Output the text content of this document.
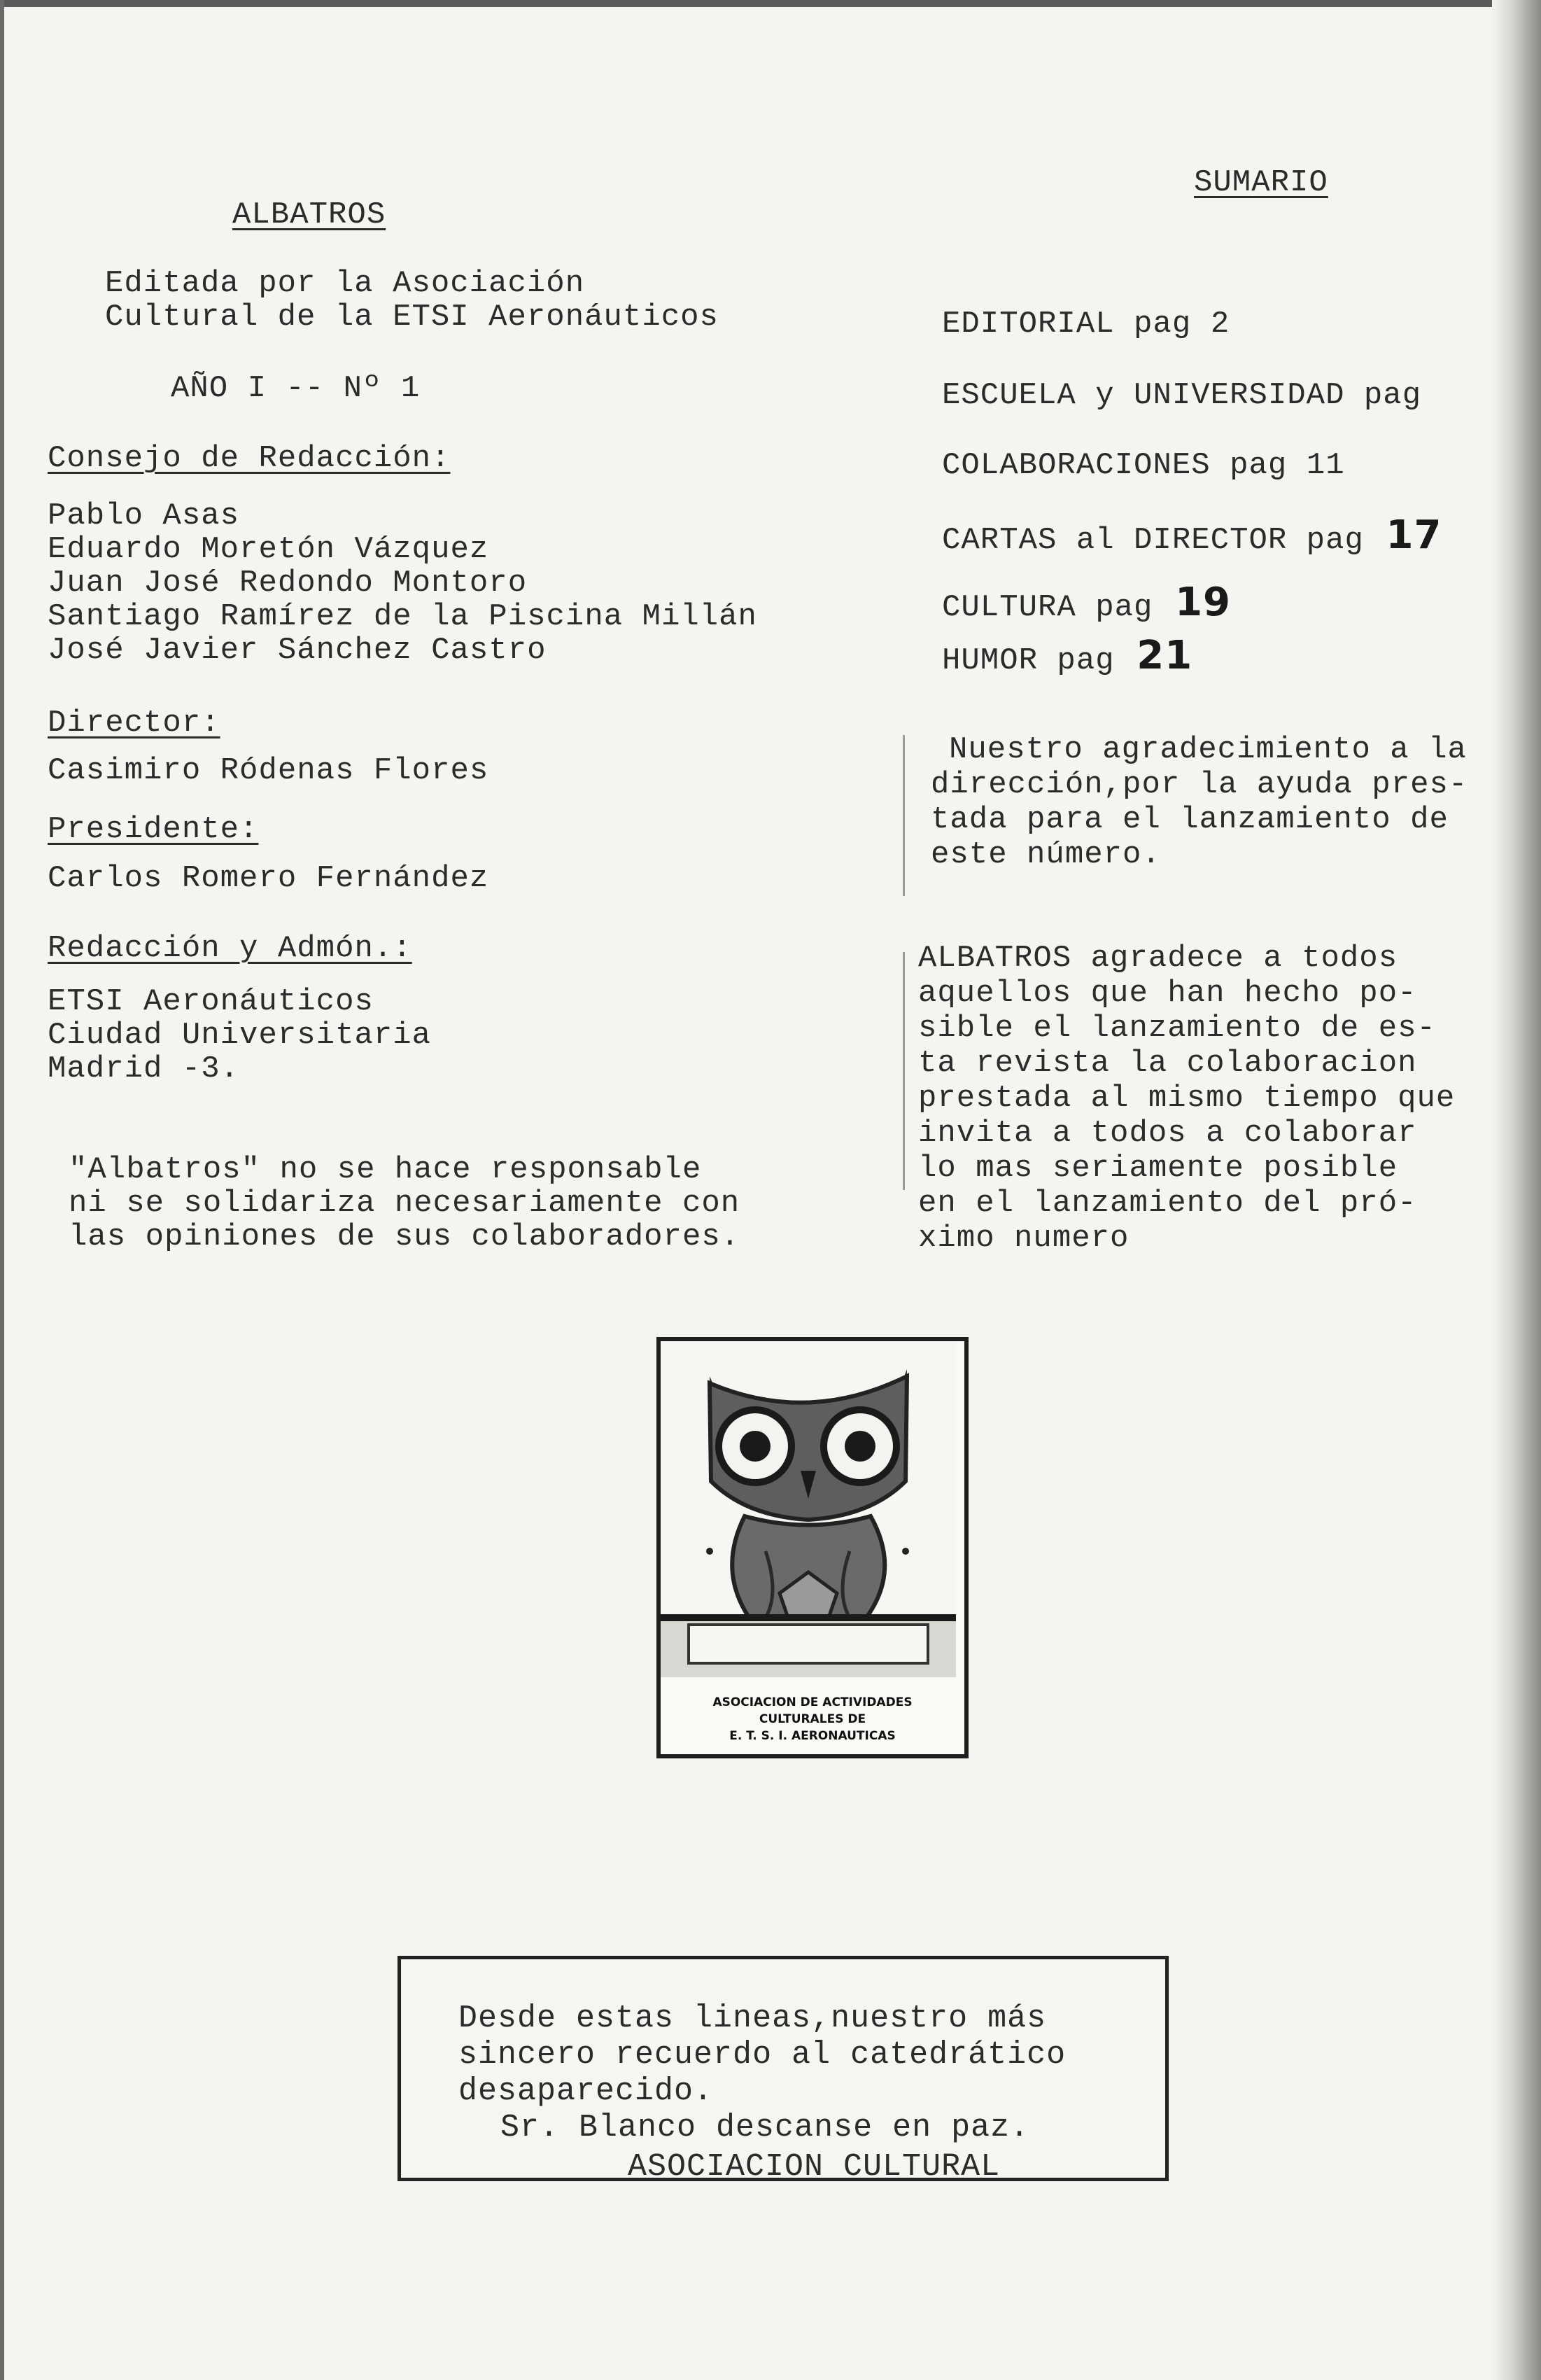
ALBATROS
Editada por la Asociación
Cultural de la ETSI Aeronáuticos
AÑO I -- Nº 1
Consejo de Redacción:
Pablo Asas
Eduardo Moretón Vázquez
Juan José Redondo Montoro
Santiago Ramírez de la Piscina Millán
José Javier Sánchez Castro
Director:
Casimiro Ródenas Flores
Presidente:
Carlos Romero Fernández
Redacción y Admón.:
ETSI Aeronáuticos
Ciudad Universitaria
Madrid -3.
"Albatros" no se hace responsable
ni se solidariza necesariamente con
las opiniones de sus colaboradores.
SUMARIO
EDITORIAL pag 2
ESCUELA y UNIVERSIDAD pag
COLABORACIONES pag 11
CARTAS al DIRECTOR pag 17
CULTURA pag 19
HUMOR pag 21
Nuestro agradecimiento a la
dirección,por la ayuda pres-
tada para el lanzamiento de
este número.
ALBATROS agradece a todos
aquellos que han hecho po-
sible el lanzamiento de es-
ta revista la colaboracion
prestada al mismo tiempo que
invita a todos a colaborar
lo mas seriamente posible
en el lanzamiento del pró-
ximo numero
ASOCIACION DE ACTIVIDADES
CULTURALES DE
E. T. S. I. AERONAUTICAS
Desde estas lineas,nuestro más
sincero recuerdo al catedrático
desaparecido.
Sr. Blanco descanse en paz.
ASOCIACION CULTURAL
